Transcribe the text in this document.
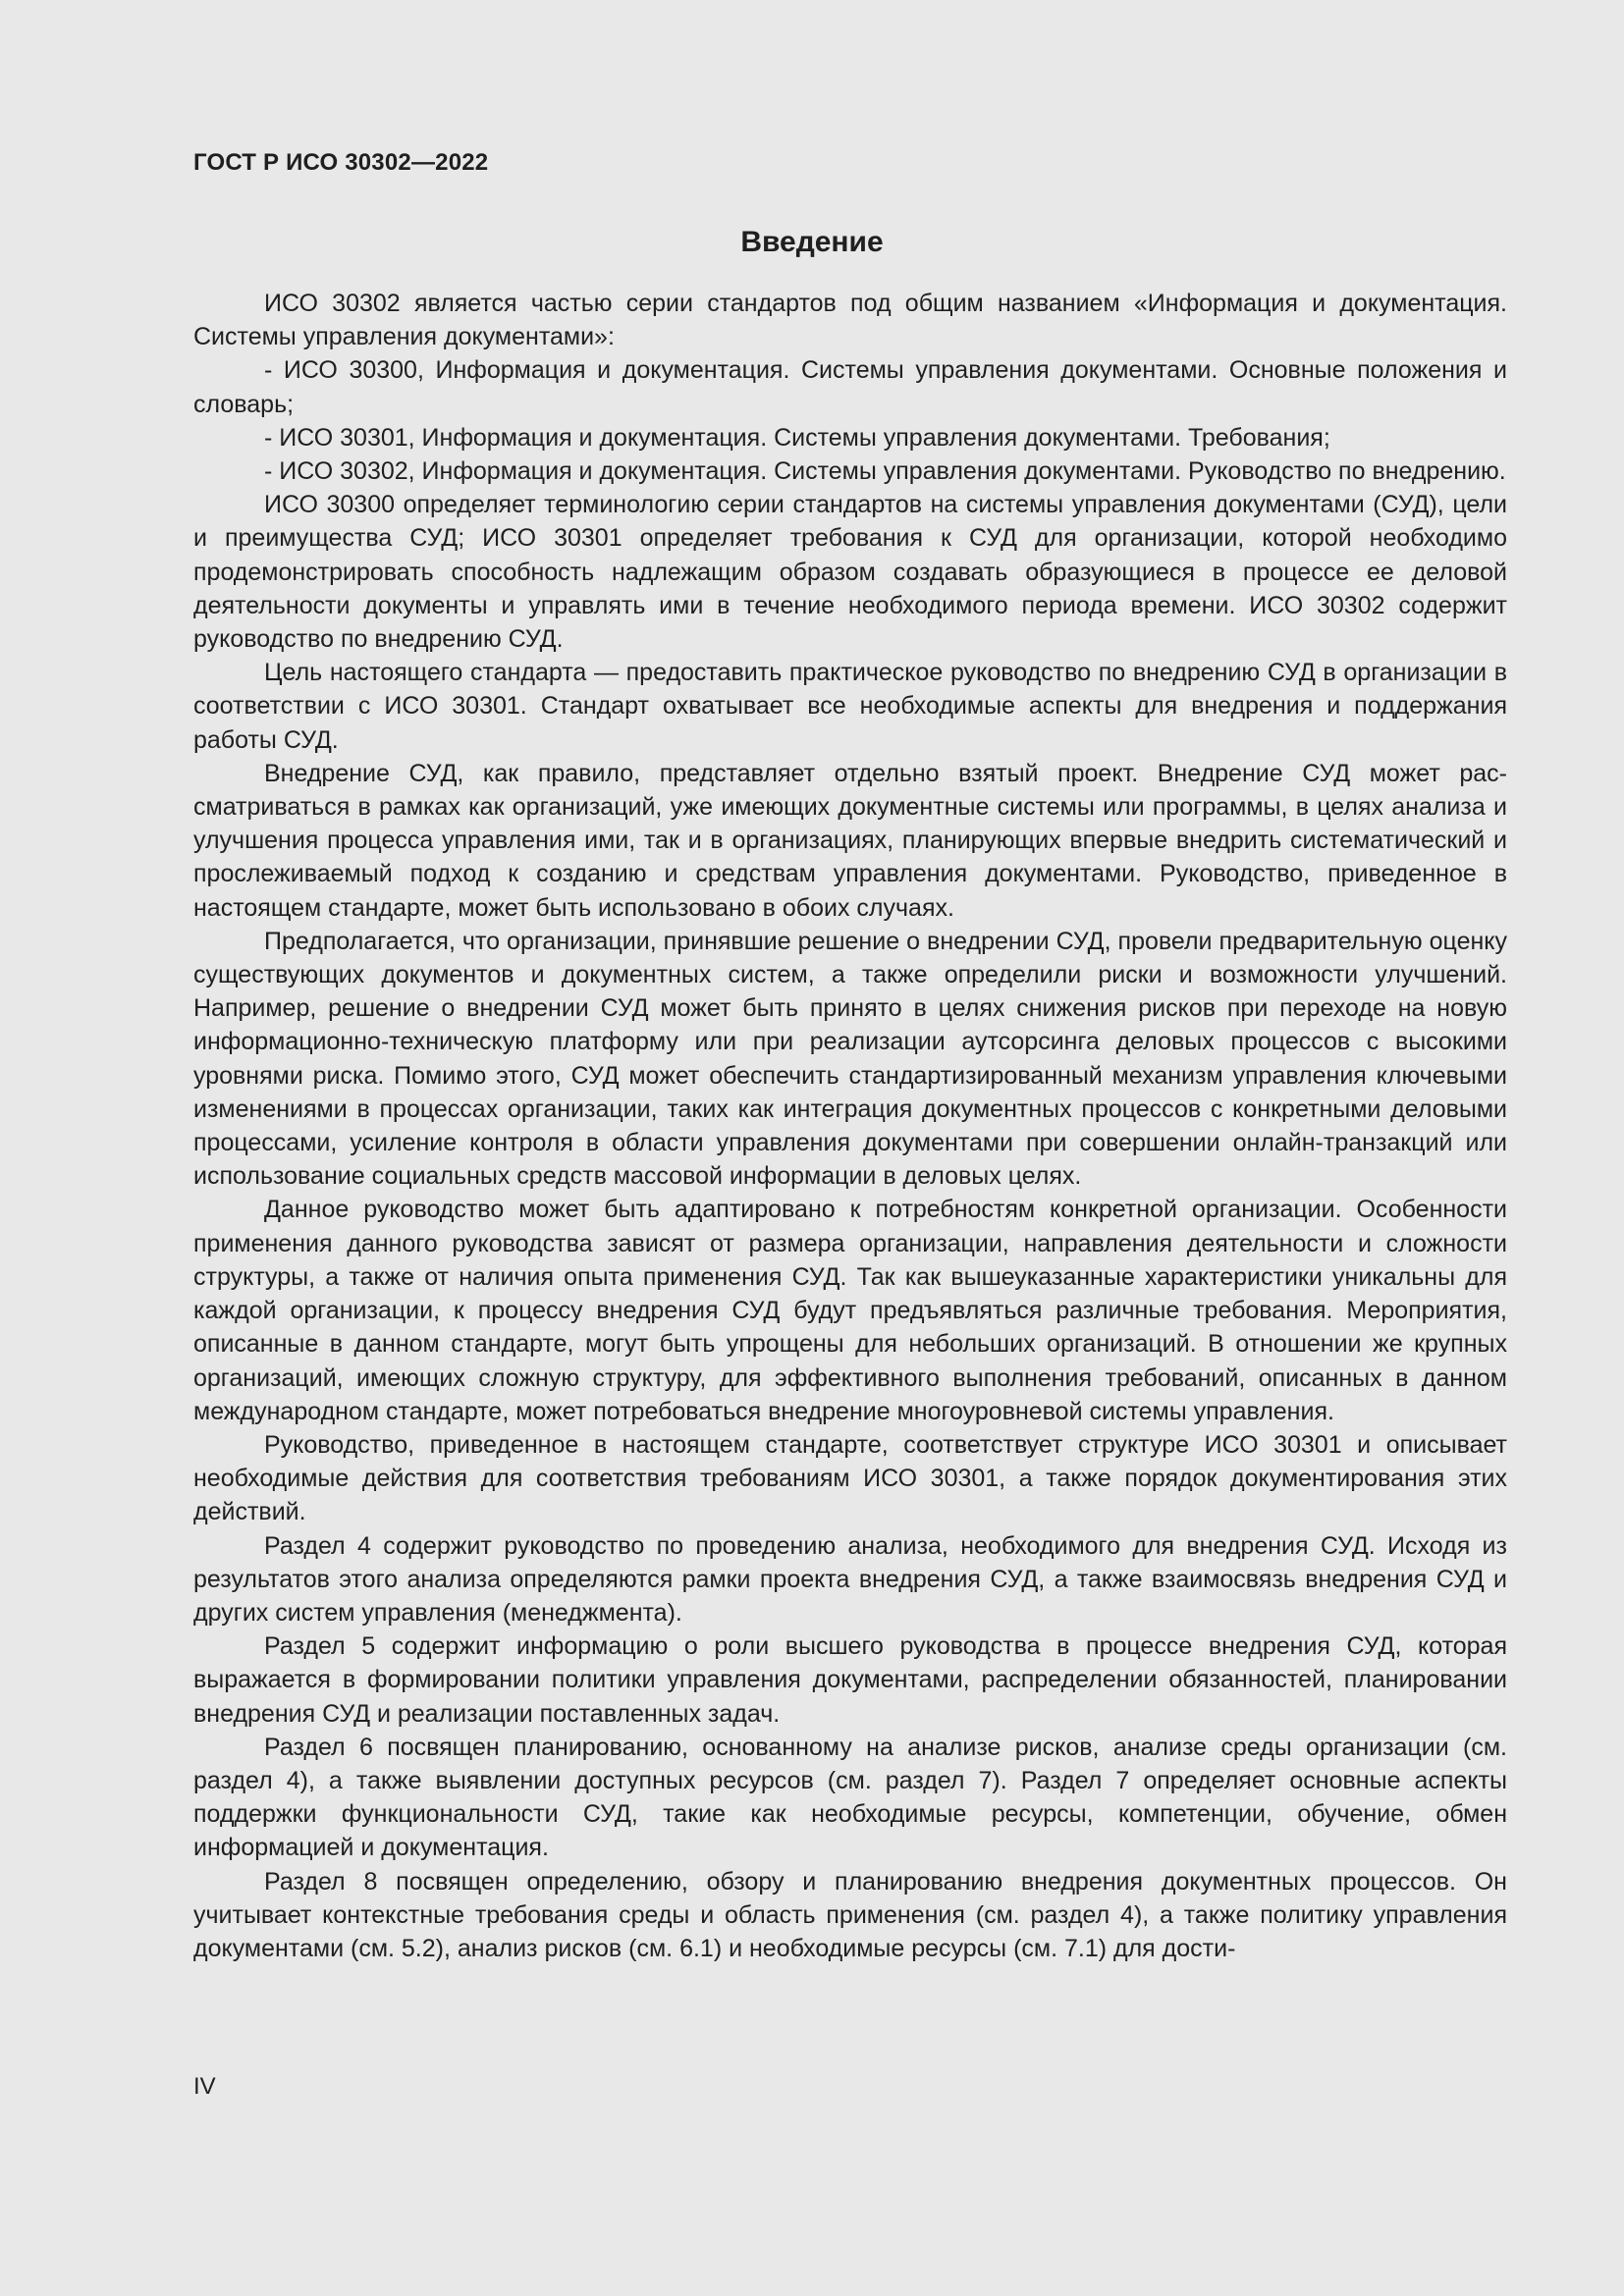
ГОСТ Р ИСО 30302—2022
Введение

ИСО 30302 является частью серии стандартов под общим названием «Информация и документация. Системы управления документами»:

- ИСО 30300, Информация и документация. Системы управления документами. Основные положения и словарь;

- ИСО 30301, Информация и документация. Системы управления документами. Требования;

- ИСО 30302, Информация и документация. Системы управления документами. Руководство по внедрению.

ИСО 30300 определяет терминологию серии стандартов на системы управления документами (СУД), цели и преимущества СУД; ИСО 30301 определяет требования к СУД для организации, которой необходимо продемонстрировать способность надлежащим образом создавать образующиеся в процессе ее деловой деятельности документы и управлять ими в течение необходимого периода времени. ИСО 30302 содержит руководство по внедрению СУД.

Цель настоящего стандарта — предоставить практическое руководство по внедрению СУД в организации в соответствии с ИСО 30301. Стандарт охватывает все необходимые аспекты для внедрения и поддержания работы СУД.

Внедрение СУД, как правило, представляет отдельно взятый проект. Внедрение СУД может рассматриваться в рамках как организаций, уже имеющих документные системы или программы, в целях анализа и улучшения процесса управления ими, так и в организациях, планирующих впервые внедрить систематический и прослеживаемый подход к созданию и средствам управления документами. Руководство, приведенное в настоящем стандарте, может быть использовано в обоих случаях.

Предполагается, что организации, принявшие решение о внедрении СУД, провели предварительную оценку существующих документов и документных систем, а также определили риски и возможности улучшений. Например, решение о внедрении СУД может быть принято в целях снижения рисков при переходе на новую информационно-техническую платформу или при реализации аутсорсинга деловых процессов с высокими уровнями риска. Помимо этого, СУД может обеспечить стандартизированный механизм управления ключевыми изменениями в процессах организации, таких как интеграция документных процессов с конкретными деловыми процессами, усиление контроля в области управления документами при совершении онлайн-транзакций или использование социальных средств массовой информации в деловых целях.

Данное руководство может быть адаптировано к потребностям конкретной организации. Особенности применения данного руководства зависят от размера организации, направления деятельности и сложности структуры, а также от наличия опыта применения СУД. Так как вышеуказанные характеристики уникальны для каждой организации, к процессу внедрения СУД будут предъявляться различные требования. Мероприятия, описанные в данном стандарте, могут быть упрощены для небольших организаций. В отношении же крупных организаций, имеющих сложную структуру, для эффективного выполнения требований, описанных в данном международном стандарте, может потребоваться внедрение многоуровневой системы управления.

Руководство, приведенное в настоящем стандарте, соответствует структуре ИСО 30301 и описывает необходимые действия для соответствия требованиям ИСО 30301, а также порядок документирования этих действий.

Раздел 4 содержит руководство по проведению анализа, необходимого для внедрения СУД. Исходя из результатов этого анализа определяются рамки проекта внедрения СУД, а также взаимосвязь внедрения СУД и других систем управления (менеджмента).

Раздел 5 содержит информацию о роли высшего руководства в процессе внедрения СУД, которая выражается в формировании политики управления документами, распределении обязанностей, планировании внедрения СУД и реализации поставленных задач.

Раздел 6 посвящен планированию, основанному на анализе рисков, анализе среды организации (см. раздел 4), а также выявлении доступных ресурсов (см. раздел 7). Раздел 7 определяет основные аспекты поддержки функциональности СУД, такие как необходимые ресурсы, компетенции, обучение, обмен информацией и документация.

Раздел 8 посвящен определению, обзору и планированию внедрения документных процессов. Он учитывает контекстные требования среды и область применения (см. раздел 4), а также политику управления документами (см. 5.2), анализ рисков (см. 6.1) и необходимые ресурсы (см. 7.1) для дости-

IV
